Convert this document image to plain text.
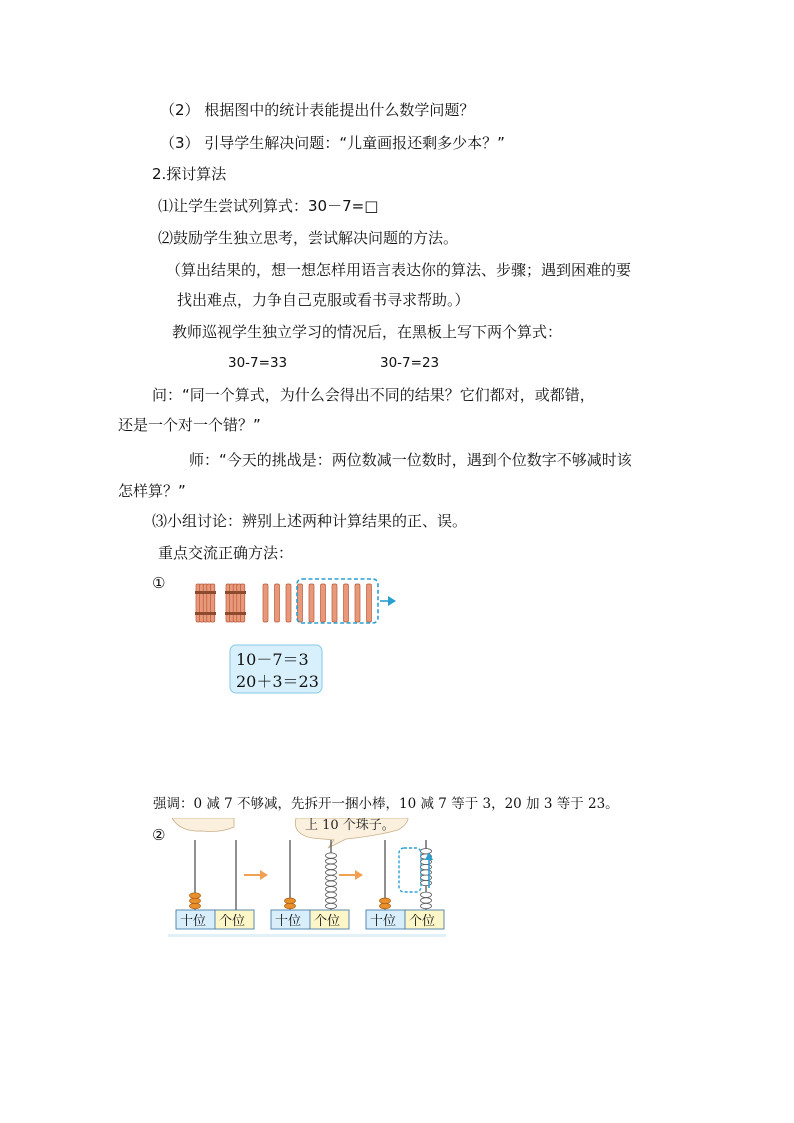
（2） 根据图中的统计表能提出什么数学问题？
（3） 引导学生解决问题：“儿童画报还剩多少本？”
2.探讨算法
⑴让学生尝试列算式：30－7=□
⑵鼓励学生独立思考，尝试解决问题的方法。
（算出结果的，想一想怎样用语言表达你的算法、步骤；遇到困难的要
找出难点，力争自己克服或看书寻求帮助。）
教师巡视学生独立学习的情况后，在黑板上写下两个算式：
30-7=33	30-7=23
问：“同一个算式，为什么会得出不同的结果？它们都对，或都错，
还是一个对一个错？”
师：“今天的挑战是：两位数减一位数时，遇到个位数字不够减时该
怎样算？”
⑶小组讨论：辨别上述两种计算结果的正、误。
重点交流正确方法：
①
10－7＝3
20＋3＝23
强调：0 减 7 不够减，先拆开一捆小棒，10 减 7 等于 3，20 加 3 等于 23。
上 10 个珠子。
②
十位 个位 十位 个位 十位 个位
